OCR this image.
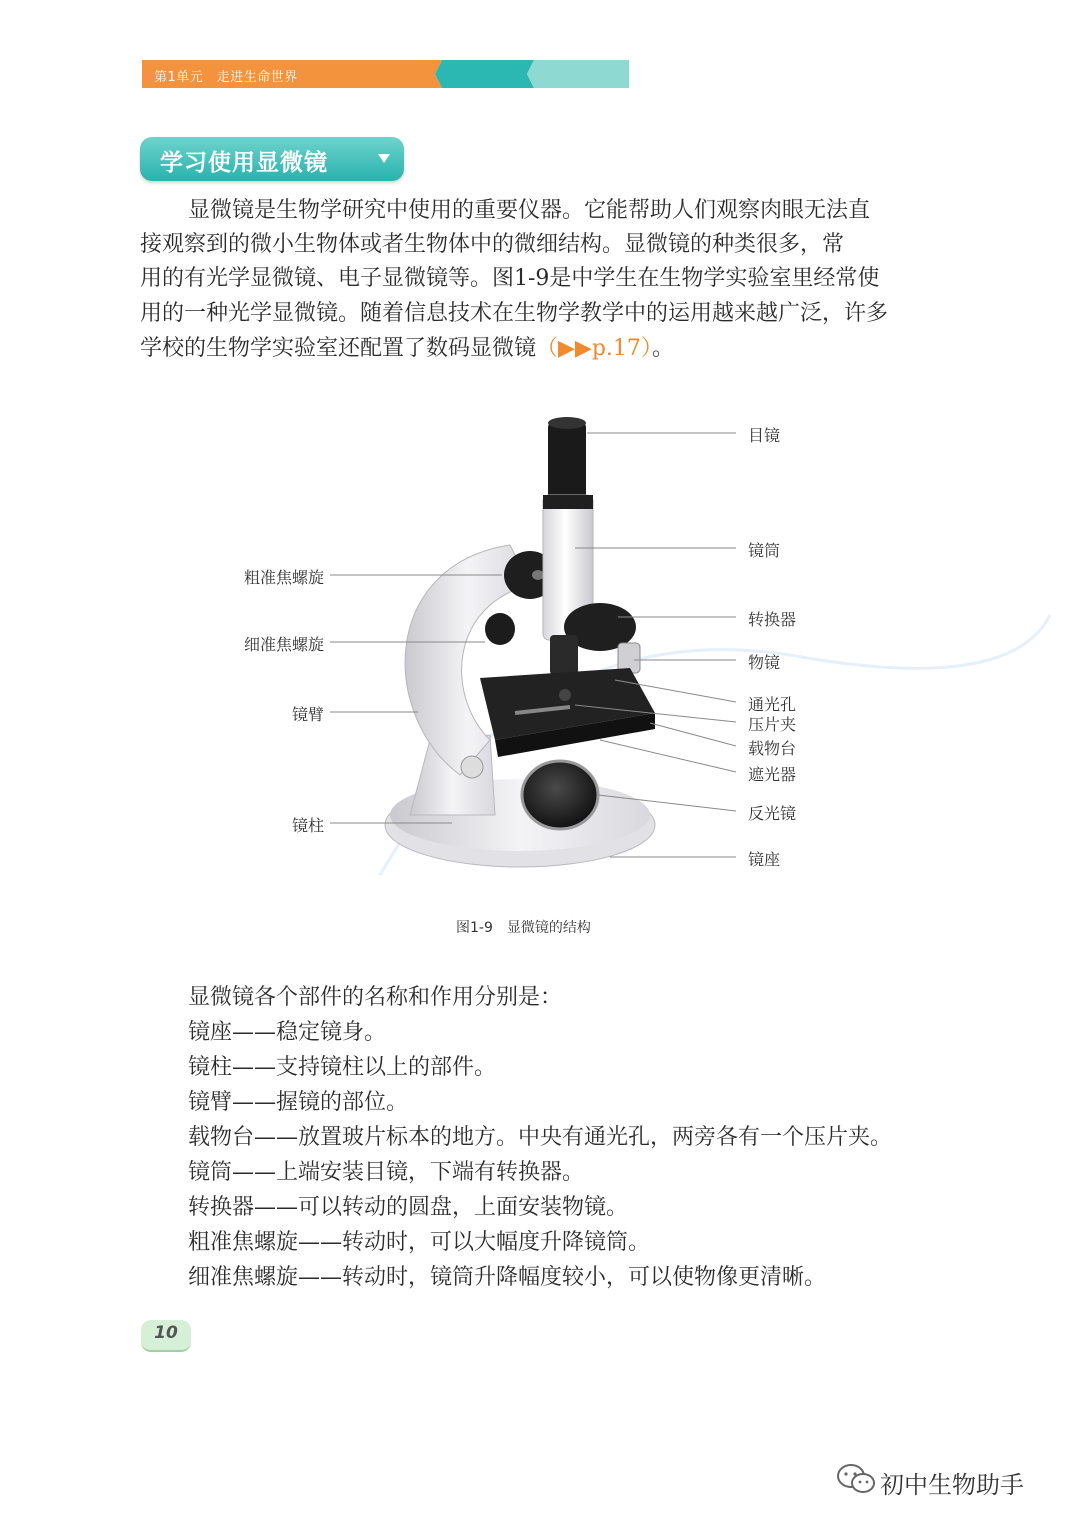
第1单元　走进生命世界
学习使用显微镜
显微镜是生物学研究中使用的重要仪器。它能帮助人们观察肉眼无法直
接观察到的微小生物体或者生物体中的微细结构。显微镜的种类很多，常
用的有光学显微镜、电子显微镜等。图1-9是中学生在生物学实验室里经常使
用的一种光学显微镜。随着信息技术在生物学教学中的运用越来越广泛，许多
学校的生物学实验室还配置了数码显微镜（▶▶p.17）。
目镜
镜筒
转换器
物镜
通光孔
压片夹
载物台
遮光器
反光镜
镜座
粗准焦螺旋
细准焦螺旋
镜臂
镜柱
图1-9　显微镜的结构
显微镜各个部件的名称和作用分别是：
镜座——稳定镜身。
镜柱——支持镜柱以上的部件。
镜臂——握镜的部位。
载物台——放置玻片标本的地方。中央有通光孔，两旁各有一个压片夹。
镜筒——上端安装目镜，下端有转换器。
转换器——可以转动的圆盘，上面安装物镜。
粗准焦螺旋——转动时，可以大幅度升降镜筒。
细准焦螺旋——转动时，镜筒升降幅度较小，可以使物像更清晰。
10
初中生物助手
